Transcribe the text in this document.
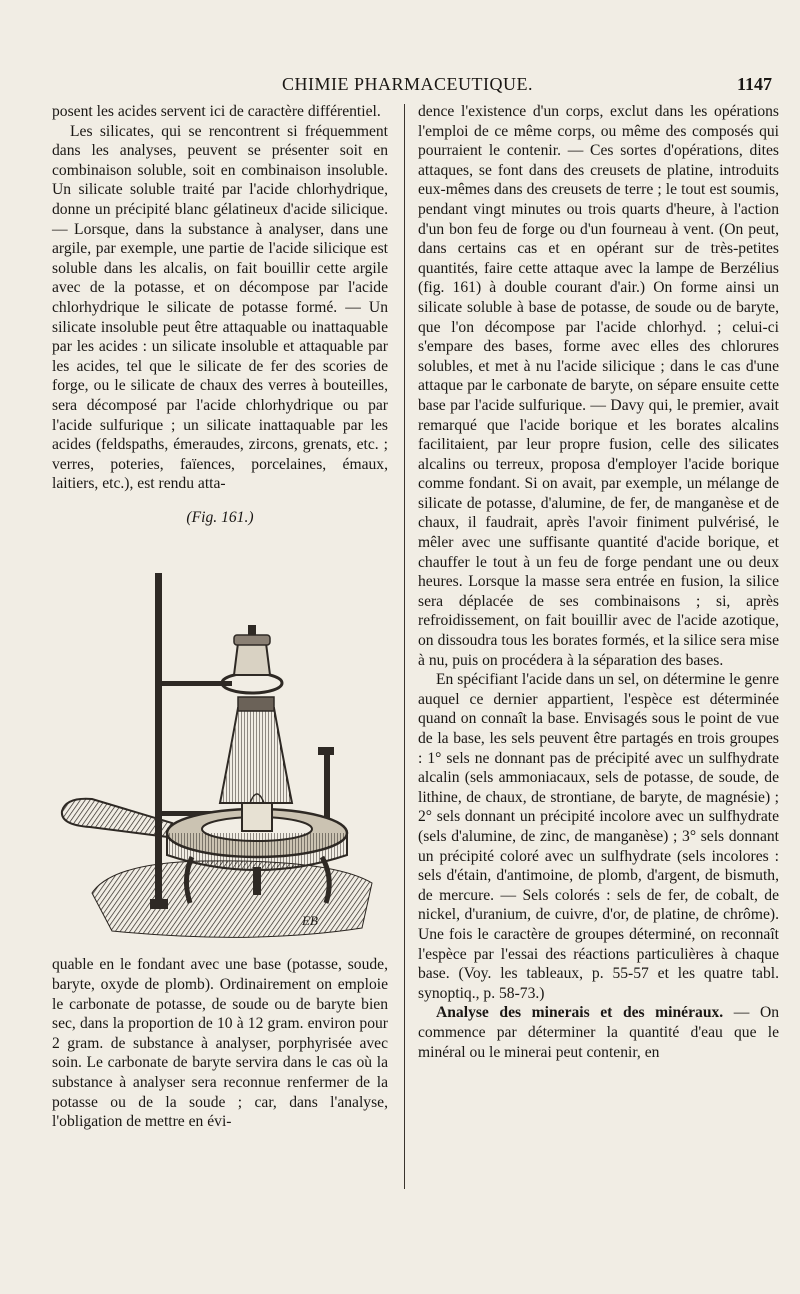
CHIMIE PHARMACEUTIQUE.	1147

posent les acides servent ici de caractère différentiel.

Les silicates, qui se rencontrent si fréquemment dans les analyses, peuvent se présenter soit en combinaison soluble, soit en combinaison insoluble. Un silicate soluble traité par l'acide chlorhydrique, donne un précipité blanc gélatineux d'acide silicique. — Lorsque, dans la substance à analyser, dans une argile, par exemple, une partie de l'acide silicique est soluble dans les alcalis, on fait bouillir cette argile avec de la potasse, et on décompose par l'acide chlorhydrique le silicate de potasse formé. — Un silicate insoluble peut être attaquable ou inattaquable par les acides : un silicate insoluble et attaquable par les acides, tel que le silicate de fer des scories de forge, ou le silicate de chaux des verres à bouteilles, sera décomposé par l'acide chlorhydrique ou par l'acide sulfurique ; un silicate inattaquable par les acides (feldspaths, émeraudes, zircons, grenats, etc. ; verres, poteries, faïences, porcelaines, émaux, laitiers, etc.), est rendu atta-

(Fig. 161.)
EB

quable en le fondant avec une base (potasse, soude, baryte, oxyde de plomb). Ordinairement on emploie le carbonate de potasse, de soude ou de baryte bien sec, dans la proportion de 10 à 12 gram. environ pour 2 gram. de substance à analyser, porphyrisée avec soin. Le carbonate de baryte servira dans le cas où la substance à analyser sera reconnue renfermer de la potasse ou de la soude ; car, dans l'analyse, l'obligation de mettre en évi-

dence l'existence d'un corps, exclut dans les opérations l'emploi de ce même corps, ou même des composés qui pourraient le contenir. — Ces sortes d'opérations, dites attaques, se font dans des creusets de platine, introduits eux-mêmes dans des creusets de terre ; le tout est soumis, pendant vingt minutes ou trois quarts d'heure, à l'action d'un bon feu de forge ou d'un fourneau à vent. (On peut, dans certains cas et en opérant sur de très-petites quantités, faire cette attaque avec la lampe de Berzélius (fig. 161) à double courant d'air.) On forme ainsi un silicate soluble à base de potasse, de soude ou de baryte, que l'on décompose par l'acide chlorhyd. ; celui-ci s'empare des bases, forme avec elles des chlorures solubles, et met à nu l'acide silicique ; dans le cas d'une attaque par le carbonate de baryte, on sépare ensuite cette base par l'acide sulfurique. — Davy qui, le premier, avait remarqué que l'acide borique et les borates alcalins facilitaient, par leur propre fusion, celle des silicates alcalins ou terreux, proposa d'employer l'acide borique comme fondant. Si on avait, par exemple, un mélange de silicate de potasse, d'alumine, de fer, de manganèse et de chaux, il faudrait, après l'avoir finiment pulvérisé, le mêler avec une suffisante quantité d'acide borique, et chauffer le tout à un feu de forge pendant une ou deux heures. Lorsque la masse sera entrée en fusion, la silice sera déplacée de ses combinaisons ; si, après refroidissement, on fait bouillir avec de l'acide azotique, on dissoudra tous les borates formés, et la silice sera mise à nu, puis on procédera à la séparation des bases.

En spécifiant l'acide dans un sel, on détermine le genre auquel ce dernier appartient, l'espèce est déterminée quand on connaît la base. Envisagés sous le point de vue de la base, les sels peuvent être partagés en trois groupes : 1° sels ne donnant pas de précipité avec un sulfhydrate alcalin (sels ammoniacaux, sels de potasse, de soude, de lithine, de chaux, de strontiane, de baryte, de magnésie) ; 2° sels donnant un précipité incolore avec un sulfhydrate (sels d'alumine, de zinc, de manganèse) ; 3° sels donnant un précipité coloré avec un sulfhydrate (sels incolores : sels d'étain, d'antimoine, de plomb, d'argent, de bismuth, de mercure. — Sels colorés : sels de fer, de cobalt, de nickel, d'uranium, de cuivre, d'or, de platine, de chrôme). Une fois le caractère de groupes déterminé, on reconnaît l'espèce par l'essai des réactions particulières à chaque base. (Voy. les tableaux, p. 55-57 et les quatre tabl. synoptiq., p. 58-73.)

Analyse des minerais et des minéraux. — On commence par déterminer la quantité d'eau que le minéral ou le minerai peut contenir, en
